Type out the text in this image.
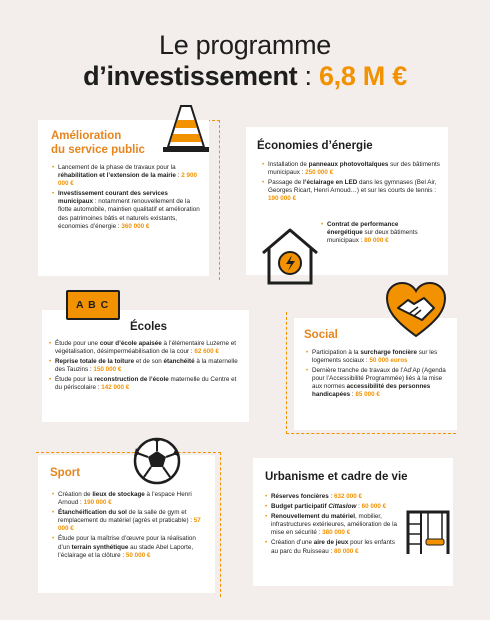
Le programme
d’investissement : 6,8 M €
Amélioration
du service public
• Lancement de la phase de travaux pour la réhabilitation et l’extension de la mairie : 2 900 000 €
• Investissement courant des services municipaux : notamment renouvellement de la flotte automobile, maintien qualitatif et amélioration des patrimoines bâtis et naturels existants, économies d’énergie : 360 000 €
Économies d’énergie
• Installation de panneaux photovoltaïques sur des bâtiments municipaux : 250 000 €
• Passage de l’éclairage en LED dans les gymnases (Bel Air, Georges Ricart, Henri Arnoud…) et sur les courts de tennis : 190 000 €
• Contrat de performance énergétique sur deux bâtiments municipaux : 80 000 €
Écoles
• Étude pour une cour d’école apaisée à l’élémentaire Luzerne et végétalisation, désimperméabilisation de la cour : 62 600 €
• Reprise totale de la toiture et de son étanchéité à la maternelle des Tauzins : 150 000 €
• Étude pour la reconstruction de l’école maternelle du Centre et du périscolaire : 142 000 €
A B C
Social
• Participation à la surcharge foncière sur les logements sociaux : 50 000 euros
• Dernière tranche de travaux de l’Ad’Ap (Agenda pour l’Accessibilité Programmée) liés à la mise aux normes accessibilité des personnes handicapées : 85 000 €
Sport
• Création de lieux de stockage à l’espace Henri Arnoud : 190 000 €
• Étanchéification du sol de la salle de gym et remplacement du matériel (agrès et praticable) : 57 000 €
• Étude pour la maîtrise d’œuvre pour la réalisation d’un terrain synthétique au stade Abel Laporte, l’éclairage et la clôture : 50 000 €
Urbanisme et cadre de vie
• Réserves foncières : 632 000 €
• Budget participatif Cittaslow : 60 000 €
• Renouvellement du matériel, mobilier, infrastructures extérieures, amélioration de la mise en sécurité : 380 000 €
• Création d’une aire de jeux pour les enfants au parc du Ruisseau : 80 000 €
